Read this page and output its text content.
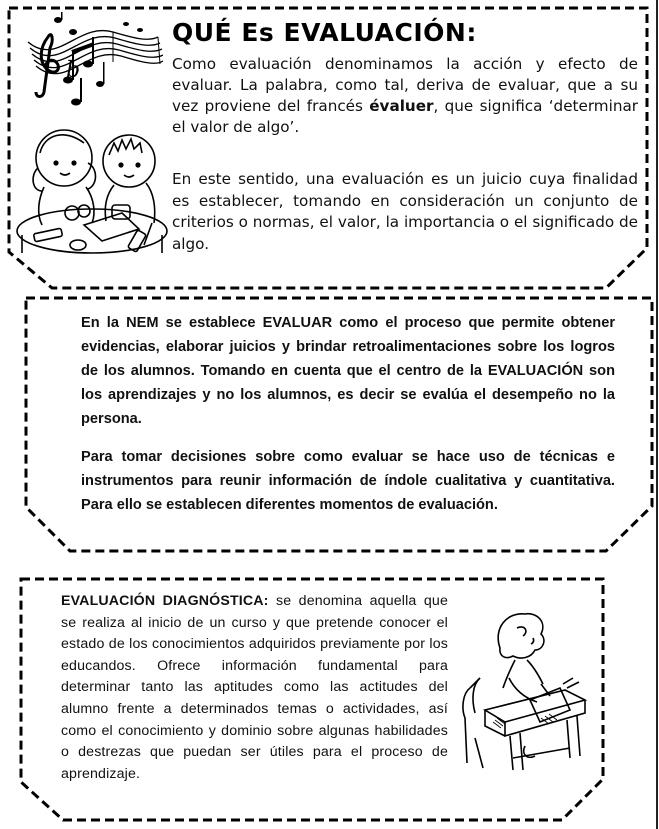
b
QUÉ Es EVALUACIÓN:

Como evaluación denominamos la acción y efecto de evaluar. La palabra, como tal, deriva de evaluar, que a su vez proviene del francés évaluer, que significa ‘determinar el valor de algo’.

En este sentido, una evaluación es un juicio cuya finalidad es establecer, tomando en consideración un conjunto de criterios o normas, el valor, la importancia o el significado de algo.

En la NEM se establece EVALUAR como el proceso que permite obtener evidencias, elaborar juicios y brindar retroalimentaciones sobre los logros de los alumnos. Tomando en cuenta que el centro de la EVALUACIÓN son los aprendizajes y no los alumnos, es decir se evalúa el desempeño no la persona.

Para tomar decisiones sobre como evaluar se hace uso de técnicas e instrumentos para reunir información de índole cualitativa y cuantitativa. Para ello se establecen diferentes momentos de evaluación.

EVALUACIÓN DIAGNÓSTICA: se denomina aquella que se realiza al inicio de un curso y que pretende conocer el estado de los conocimientos adquiridos previamente por los educandos. Ofrece información fundamental para determinar tanto las aptitudes como las actitudes del alumno frente a determinados temas o actividades, así como el conocimiento y dominio sobre algunas habilidades o destrezas que puedan ser útiles para el proceso de aprendizaje.
